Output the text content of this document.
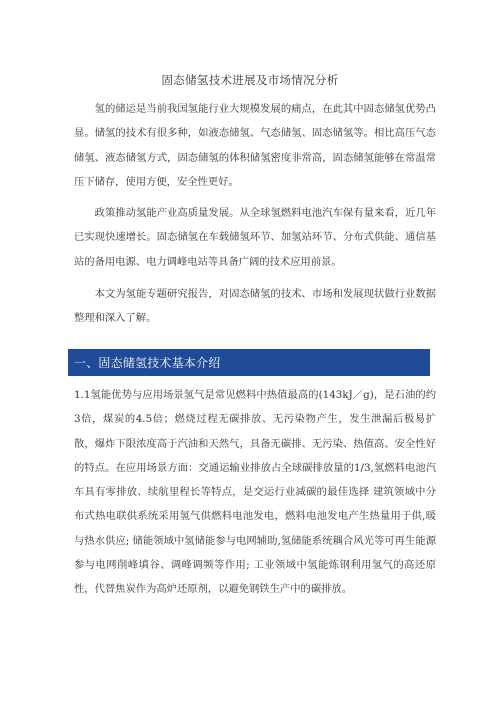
固态储氢技术进展及市场情况分析

氢的储运是当前我国氢能行业大规模发展的痛点，在此其中固态储氢优势凸显。储氢的技术有很多种，如液态储氢、气态储氢、固态储氢等。相比高压气态储氢、液态储氢方式，固态储氢的体积储氢密度非常高，固态储氢能够在常温常压下储存，使用方便，安全性更好。

政策推动氢能产业高质量发展。从全球氢燃料电池汽车保有量来看，近几年已实现快速增长。固态储氢在车载储氢环节、加氢站环节、分布式供能、通信基站的备用电源、电力调峰电站等具备广阔的技术应用前景。

本文为氢能专题研究报告，对固态储氢的技术、市场和发展现状做行业数据整理和深入了解。

一、固态储氢技术基本介绍

1.1氢能优势与应用场景氢气是常见燃料中热值最高的(143kJ／g)，是石油的约3倍，煤炭的4.5倍；燃烧过程无碳排放、无污染物产生，发生泄漏后极易扩散，爆炸下限浓度高于汽油和天然气，具备无碳排、无污染、热值高、安全性好的特点。在应用场景方面：交通运输业排放占全球碳排放量的1/3,氢燃料电池汽车具有零排放、续航里程长等特点，是交运行业减碳的最佳选择 建筑领域中分布式热电联供系统采用氢气供燃料电池发电，燃料电池发电产生热量用于供,暖与热水供应; 储能领域中氢储能参与电网辅助,氢储能系统耦合风光等可再生能源参与电网削峰填谷、调峰调频等作用; 工业领域中氢能炼钢利用氢气的高还原性，代替焦炭作为高炉还原剂，以避免钢铁生产中的碳排放。
